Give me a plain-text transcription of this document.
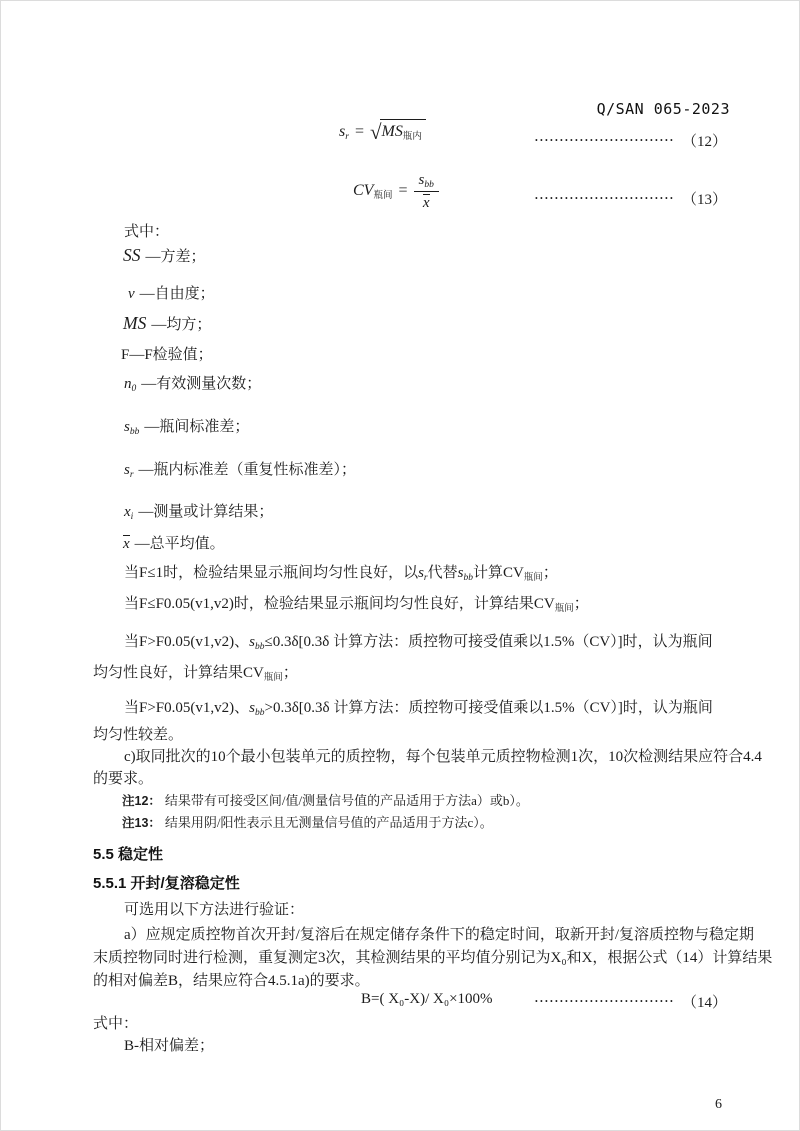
Q/SAN 065-2023
$s_r = √MS_{瓶内}$	•••••••••••••••••••••••••••• （12）
$CV_{瓶间} = \frac{s_{bb}}{x}$	•••••••••••••••••••••••••••• （13）
式中：
SS —方差；
v —自由度；
MS —均方；
F—F检验值；
$n_0$ —有效测量次数；
$s_{bb}$ —瓶间标准差；
$s_r$ —瓶内标准差（重复性标准差）；
$x_i$ —测量或计算结果；
x —总平均值。
当F≤1时，检验结果显示瓶间均匀性良好，以$s_r$代替$s_{bb}$计算$CV_{瓶间}$；
当F≤F0.05(v1,v2)时，检验结果显示瓶间均匀性良好，计算结果$CV_{瓶间}$；
当F>F0.05(v1,v2)、$s_{bb}\le 0.3\delta[0.3\delta$ 计算方法：质控物可接受值乘以1.5%（CV）]时，认为瓶间
均匀性良好，计算结果$CV_{瓶间}$；
当F>F0.05(v1,v2)、$s_{bb}>0.3\delta[0.3\delta$ 计算方法：质控物可接受值乘以1.5%（CV）]时，认为瓶间
均匀性较差。
c)取同批次的10个最小包装单元的质控物，每个包装单元质控物检测1次，10次检测结果应符合4.4
的要求。
注12： 结果带有可接受区间/值/测量信号值的产品适用于方法a）或b）。
注13： 结果用阴/阳性表示且无测量信号值的产品适用于方法c）。
5.5 稳定性
5.5.1 开封/复溶稳定性
可选用以下方法进行验证：
a）应规定质控物首次开封/复溶后在规定储存条件下的稳定时间，取新开封/复溶质控物与稳定期
末质控物同时进行检测，重复测定3次，其检测结果的平均值分别记为X₀和X，根据公式（14）计算结果
的相对偏差B，结果应符合4.5.1a)的要求。
B=( X₀-X)/ X₀×100%	•••••••••••••••••••••••••••• （14）
式中：
B-相对偏差；
6
